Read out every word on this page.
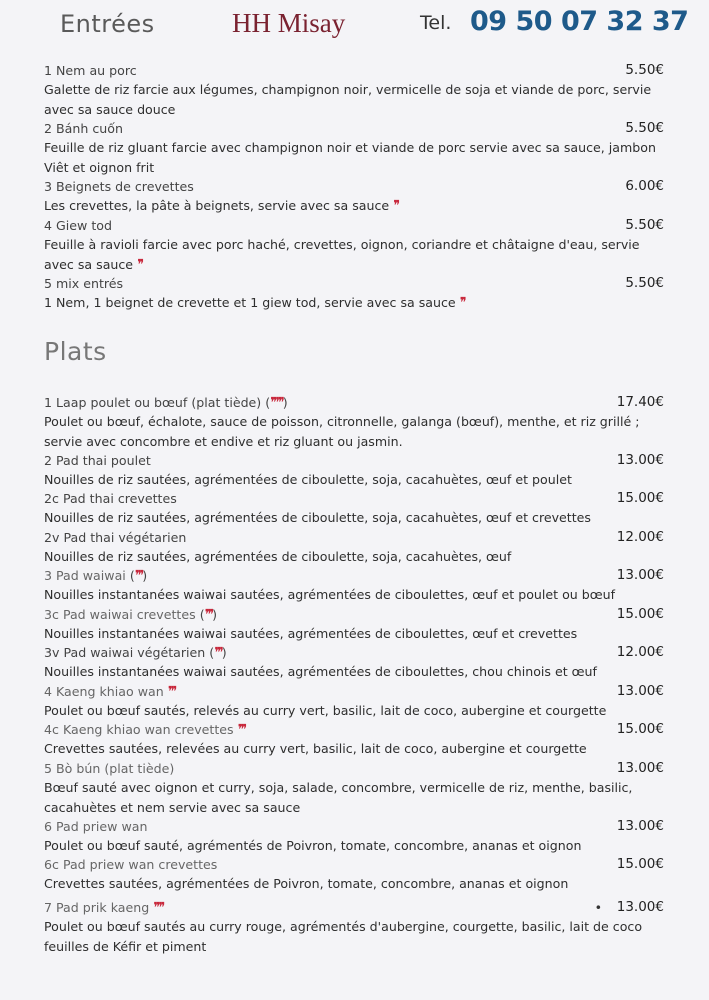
Entrées	HH Misay	Tel. 09 50 07 32 37
1 Nem au porc	5.50€
Galette de riz farcie aux légumes, champignon noir, vermicelle de soja et viande de porc, servie avec sa sauce douce
2 Bánh cuốn	5.50€
Feuille de riz gluant farcie avec champignon noir et viande de porc servie avec sa sauce, jambon Viêt et oignon frit
3 Beignets de crevettes	6.00€
Les crevettes, la pâte à beignets, servie avec sa sauce ❜❜
4 Giew tod	5.50€
Feuille à ravioli farcie avec porc haché, crevettes, oignon, coriandre et châtaigne d'eau, servie avec sa sauce ❜❜
5 mix entrés	5.50€
1 Nem, 1 beignet de crevette et 1 giew tod, servie avec sa sauce ❜❜
Plats
1 Laap poulet ou bœuf (plat tiède) (❜❜❜❜❜)	17.40€
Poulet ou bœuf, échalote, sauce de poisson, citronnelle, galanga (bœuf), menthe, et riz grillé ; servie avec concombre et endive et riz gluant ou jasmin.
2 Pad thai poulet	13.00€
Nouilles de riz sautées, agrémentées de ciboulette, soja, cacahuètes, œuf et poulet
2c Pad thai crevettes	15.00€
Nouilles de riz sautées, agrémentées de ciboulette, soja, cacahuètes, œuf et crevettes
2v Pad thai végétarien	12.00€
Nouilles de riz sautées, agrémentées de ciboulette, soja, cacahuètes, œuf
3 Pad waiwai (❜❜❜)	13.00€
Nouilles instantanées waiwai sautées, agrémentées de ciboulettes, œuf et poulet ou bœuf
3c Pad waiwai crevettes (❜❜❜)	15.00€
Nouilles instantanées waiwai sautées, agrémentées de ciboulettes, œuf et crevettes
3v Pad waiwai végétarien (❜❜❜)	12.00€
Nouilles instantanées waiwai sautées, agrémentées de ciboulettes, chou chinois et œuf
4 Kaeng khiao wan ❜❜❜	13.00€
Poulet ou bœuf sautés, relevés au curry vert, basilic, lait de coco, aubergine et courgette
4c Kaeng khiao wan crevettes ❜❜❜	15.00€
Crevettes sautées, relevées au curry vert, basilic, lait de coco, aubergine et courgette
5 Bò bún (plat tiède)	13.00€
Bœuf sauté avec oignon et curry, soja, salade, concombre, vermicelle de riz, menthe, basilic, cacahuètes et nem servie avec sa sauce
6 Pad priew wan	13.00€
Poulet ou bœuf sauté, agrémentés de Poivron, tomate, concombre, ananas et oignon
6c Pad priew wan crevettes	15.00€
Crevettes sautées, agrémentées de Poivron, tomate, concombre, ananas et oignon
7 Pad prik kaeng ❜❜❜❜	• 13.00€
Poulet ou bœuf sautés au curry rouge, agrémentés d'aubergine, courgette, basilic, lait de coco feuilles de Kéfir et piment
